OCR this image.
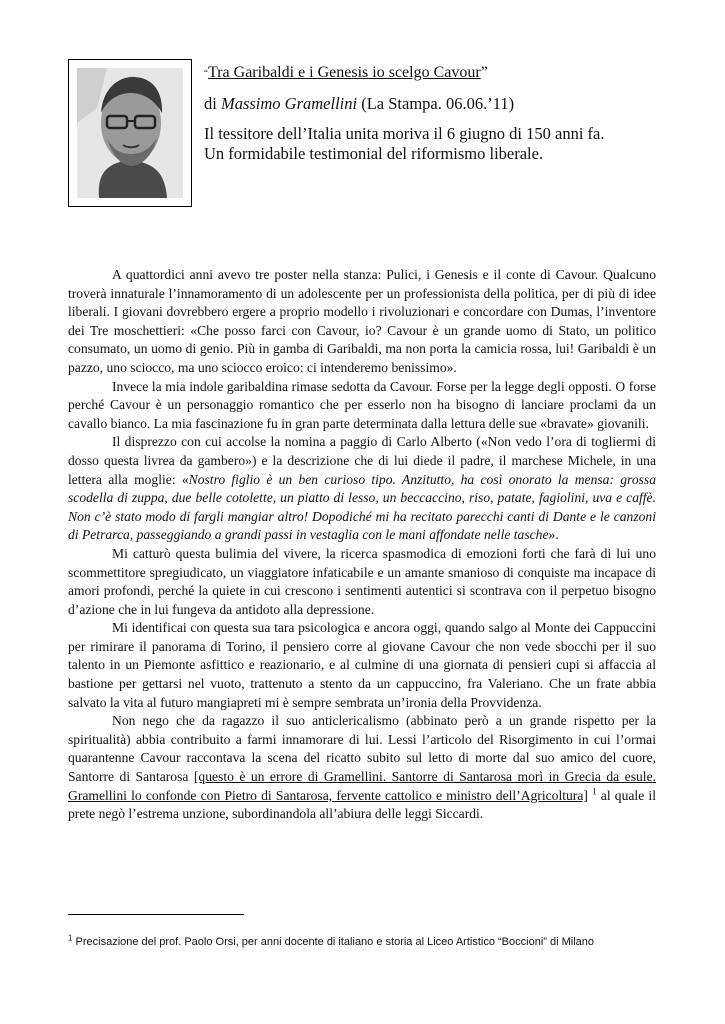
“Tra Garibaldi e i Genesis io scelgo Cavour”
di Massimo Gramellini (La Stampa. 06.06.’11)
Il tessitore dell’Italia unita moriva il 6 giugno di 150 anni fa.
Un formidabile testimonial del riformismo liberale.

A quattordici anni avevo tre poster nella stanza: Pulici, i Genesis e il conte di Cavour. Qualcuno troverà innaturale l’innamoramento di un adolescente per un professionista della politica, per di più di idee liberali. I giovani dovrebbero ergere a proprio modello i rivoluzionari e concordare con Dumas, l’inventore dei Tre moschettieri: «Che posso farci con Cavour, io? Cavour è un grande uomo di Stato, un politico consumato, un uomo di genio. Più in gamba di Garibaldi, ma non porta la camicia rossa, lui! Garibaldi è un pazzo, uno sciocco, ma uno sciocco eroico: ci intenderemo benissimo».

Invece la mia indole garibaldina rimase sedotta da Cavour. Forse per la legge degli opposti. O forse perché Cavour è un personaggio romantico che per esserlo non ha bisogno di lanciare proclami da un cavallo bianco. La mia fascinazione fu in gran parte determinata dalla lettura delle sue «bravate» giovanili.

Il disprezzo con cui accolse la nomina a paggio di Carlo Alberto («Non vedo l’ora di togliermi di dosso questa livrea da gambero») e la descrizione che di lui diede il padre, il marchese Michele, in una lettera alla moglie: «Nostro figlio è un ben curioso tipo. Anzitutto, ha così onorato la mensa: grossa scodella di zuppa, due belle cotolette, un piatto di lesso, un beccaccino, riso, patate, fagiolini, uva e caffè. Non c’è stato modo di fargli mangiar altro! Dopodiché mi ha recitato parecchi canti di Dante e le canzoni di Petrarca, passeggiando a grandi passi in vestaglia con le mani affondate nelle tasche».

Mi catturò questa bulimia del vivere, la ricerca spasmodica di emozioni forti che farà di lui uno scommettitore spregiudicato, un viaggiatore infaticabile e un amante smanioso di conquiste ma incapace di amori profondi, perché la quiete in cui crescono i sentimenti autentici si scontrava con il perpetuo bisogno d’azione che in lui fungeva da antidoto alla depressione.

Mi identificai con questa sua tara psicologica e ancora oggi, quando salgo al Monte dei Cappuccini per rimirare il panorama di Torino, il pensiero corre al giovane Cavour che non vede sbocchi per il suo talento in un Piemonte asfittico e reazionario, e al culmine di una giornata di pensieri cupi si affaccia al bastione per gettarsi nel vuoto, trattenuto a stento da un cappuccino, fra Valeriano. Che un frate abbia salvato la vita al futuro mangiapreti mi è sempre sembrata un’ironia della Provvidenza.

Non nego che da ragazzo il suo anticlericalismo (abbinato però a un grande rispetto per la spiritualità) abbia contribuito a farmi innamorare di lui. Lessi l’articolo del Risorgimento in cui l’ormai quarantenne Cavour raccontava la scena del ricatto subito sul letto di morte dal suo amico del cuore, Santorre di Santarosa [questo è un errore di Gramellini. Santorre di Santarosa morì in Grecia da esule. Gramellini lo confonde con Pietro di Santarosa, fervente cattolico e ministro dell’Agricoltura] $^1$ al quale il prete negò l’estrema unzione, subordinandola all’abiura delle leggi Siccardi.

$^1$ Precisazione del prof. Paolo Orsi, per anni docente di italiano e storia al Liceo Artistico “Boccioni” di Milano
